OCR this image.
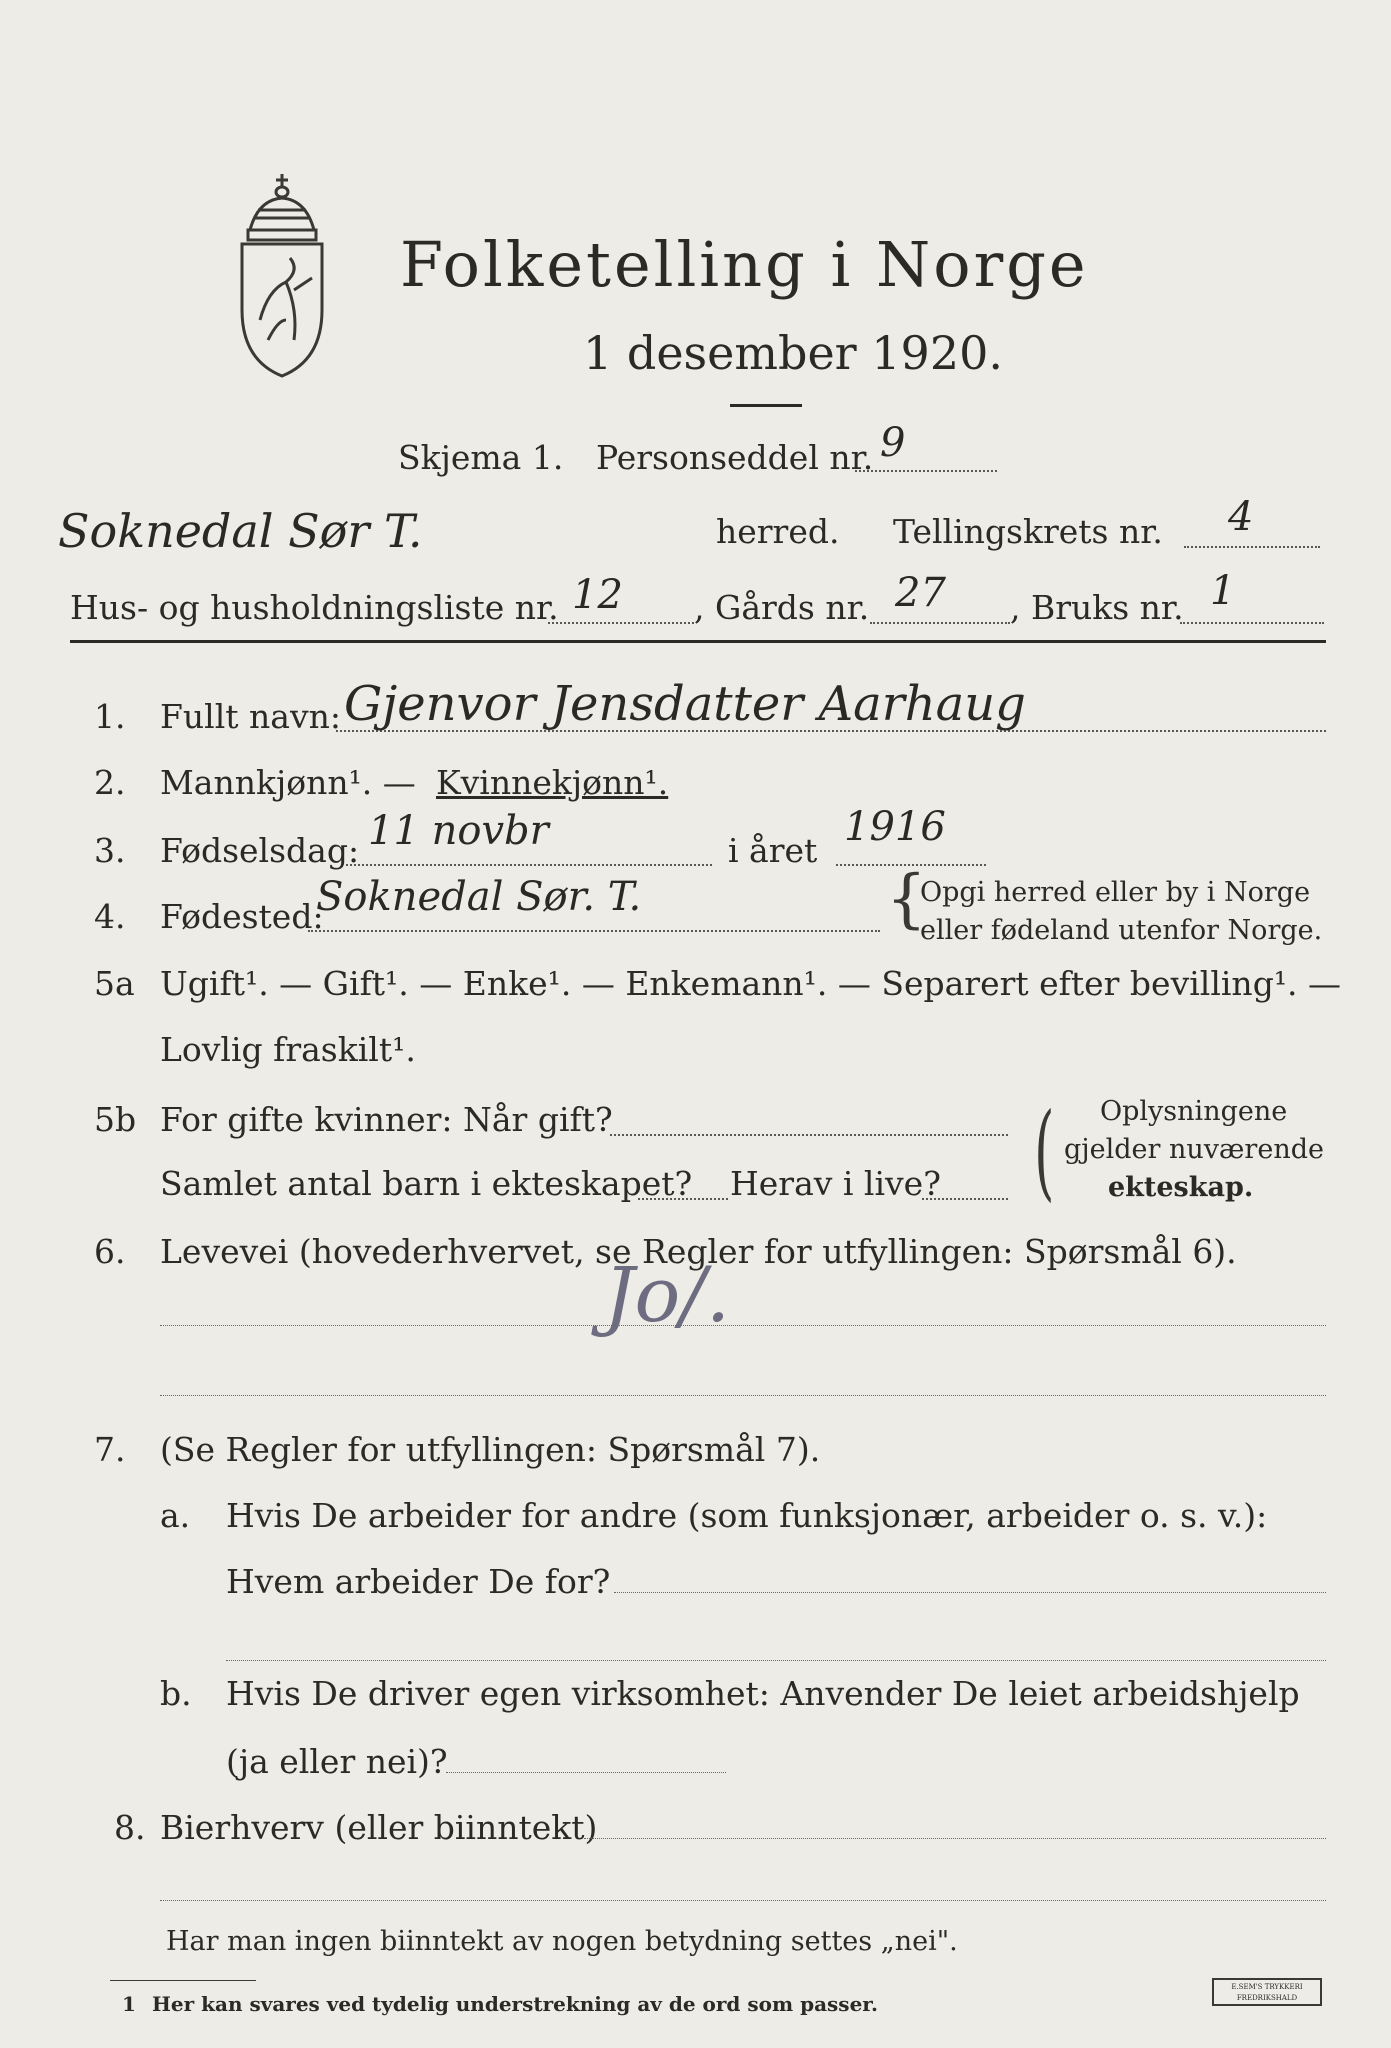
Folketelling i Norge
1 desember 1920.
Skjema 1. Personseddel nr. 9
Soknedal Sør T.	herred. Tellingskrets nr. 4
Hus- og husholdningsliste nr. 12 , Gårds nr. 27 , Bruks nr. 1
1. Fullt navn: Gjenvor Jensdatter Aarhaug
2. Mannkjønn¹. — Kvinnekjønn¹.
3. Fødselsdag: 11 novbr	i året
1916
4. Fødested:
Soknedal Sør. T.	{
Opgi herred eller by i Norge
eller fødeland utenfor Norge.
5a Ugift¹. — Gift¹. — Enke¹. — Enkemann¹. — Separert efter bevilling¹. —
Lovlig fraskilt¹.
5b For gifte kvinner: Når gift?
Samlet antal barn i ekteskapet? Herav i live? ( Oplysningene
gjelder nuværende
ekteskap.
6. Levevei (hovederhvervet, se Regler for utfyllingen: Spørsmål 6).
Jo/.
7. (Se Regler for utfyllingen: Spørsmål 7).
a. Hvis De arbeider for andre (som funksjonær, arbeider o. s. v.):
Hvem arbeider De for?
b. Hvis De driver egen virksomhet: Anvender De leiet arbeidshjelp
(ja eller nei)?
8. Bierhverv (eller biinntekt)
Har man ingen biinntekt av nogen betydning settes „nei".
1 Her kan svares ved tydelig understrekning av de ord som passer.
E.SEM'S TRYKKERI FREDRIKSHALD
